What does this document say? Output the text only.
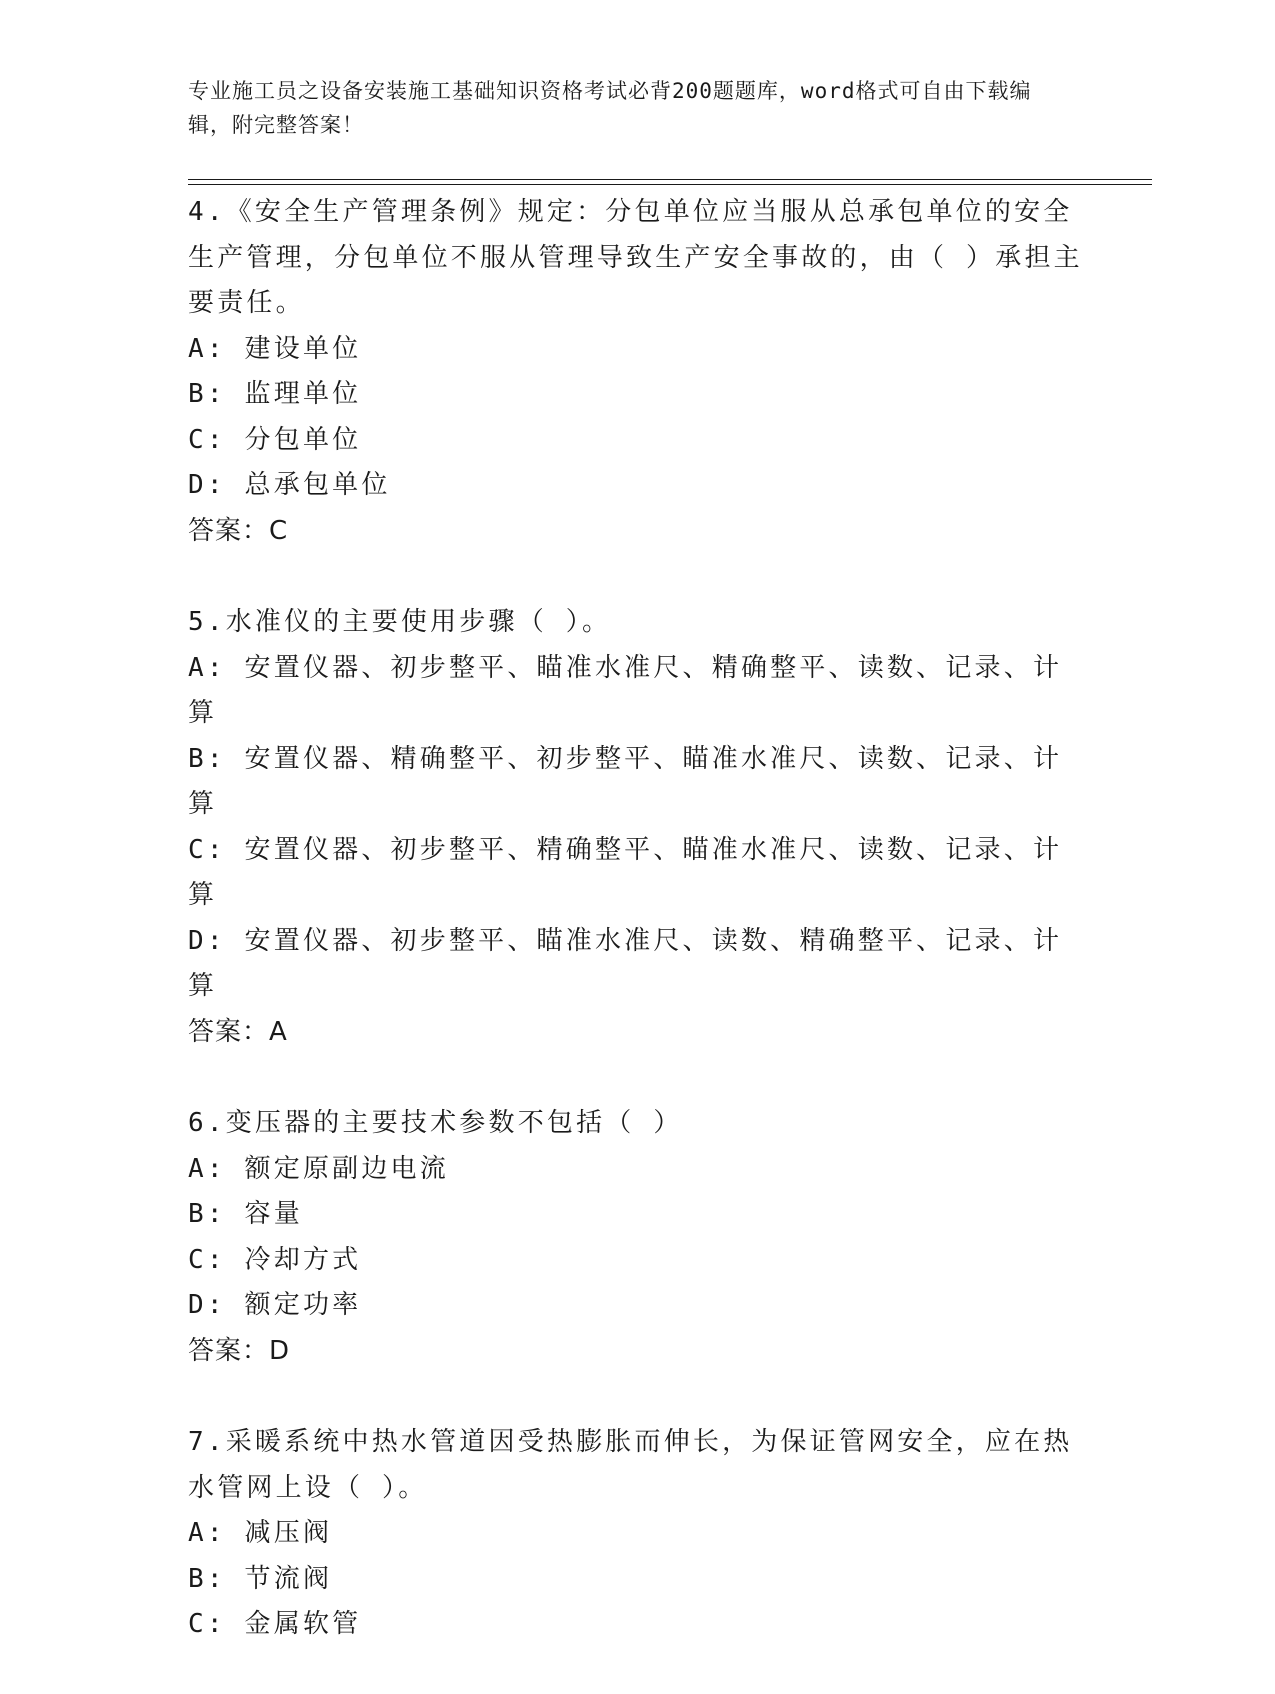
专业施工员之设备安装施工基础知识资格考试必背200题题库，word格式可自由下载编辑，附完整答案！

4.《安全生产管理条例》规定：分包单位应当服从总承包单位的安全生产管理，分包单位不服从管理导致生产安全事故的，由（ ）承担主要责任。

A: 建设单位

B: 监理单位

C: 分包单位

D: 总承包单位

答案：C

5.水准仪的主要使用步骤（ ）。

A: 安置仪器、初步整平、瞄准水准尺、精确整平、读数、记录、计算

B: 安置仪器、精确整平、初步整平、瞄准水准尺、读数、记录、计算

C: 安置仪器、初步整平、精确整平、瞄准水准尺、读数、记录、计算

D: 安置仪器、初步整平、瞄准水准尺、读数、精确整平、记录、计算

答案：A

6.变压器的主要技术参数不包括（ ）

A: 额定原副边电流

B: 容量

C: 冷却方式

D: 额定功率

答案：D

7.采暖系统中热水管道因受热膨胀而伸长，为保证管网安全，应在热水管网上设（ ）。

A: 减压阀

B: 节流阀

C: 金属软管
